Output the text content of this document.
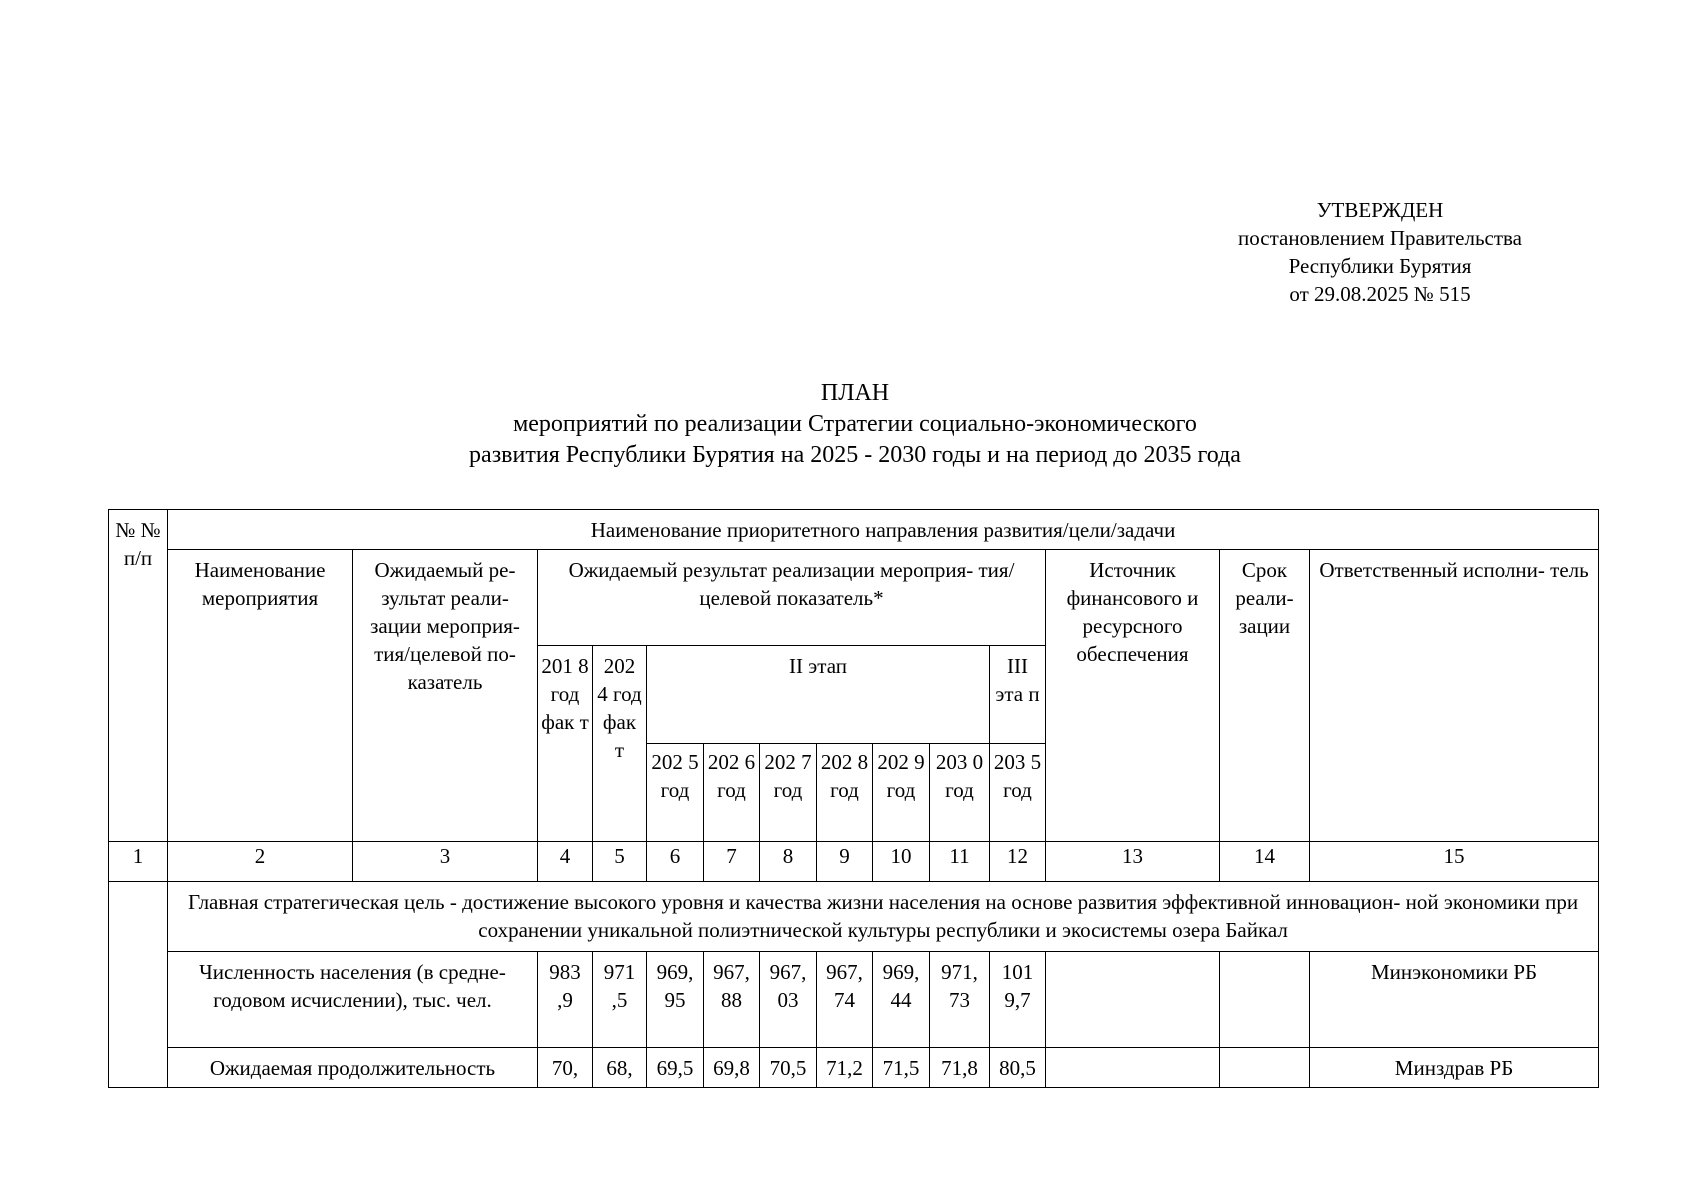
УТВЕРЖДЕН
постановлением Правительства
Республики Бурятия
от 29.08.2025 № 515
ПЛАН
мероприятий по реализации Стратегии социально-экономического
развития Республики Бурятия на 2025 - 2030 годы и на период до 2035 года
№ № п/п	Наименование приоритетного направления развития/цели/задачи													
	Наименование мероприятия	Ожидаемый ре- зультат реали- зации мероприя- тия/целевой по- казатель	Ожидаемый результат реализации мероприя- тия/целевой показатель*									Источник финансового и ресурсного обеспечения	Срок реали- зации	Ответственный исполни- тель
			201 8 год фак т	202 4 год фак т	II этап						III эта п			
					202 5 год	202 6 год	202 7 год	202 8 год	202 9 год	203 0 год	203 5 год			
1	2	3	4	5	6	7	8	9	10	11	12	13	14	15
	Главная стратегическая цель - достижение высокого уровня и качества жизни населения на основе развития эффективной инновацион- ной экономики при сохранении уникальной полиэтнической культуры республики и экосистемы озера Байкал													
	Численность населения (в средне- годовом исчислении), тыс. чел.		983 ,9	971 ,5	969, 95	967, 88	967, 03	967, 74	969, 44	971, 73	101 9,7			Минэкономики РБ
	Ожидаемая продолжительность		70,	68,	69,5	69,8	70,5	71,2	71,5	71,8	80,5			Минздрав РБ
